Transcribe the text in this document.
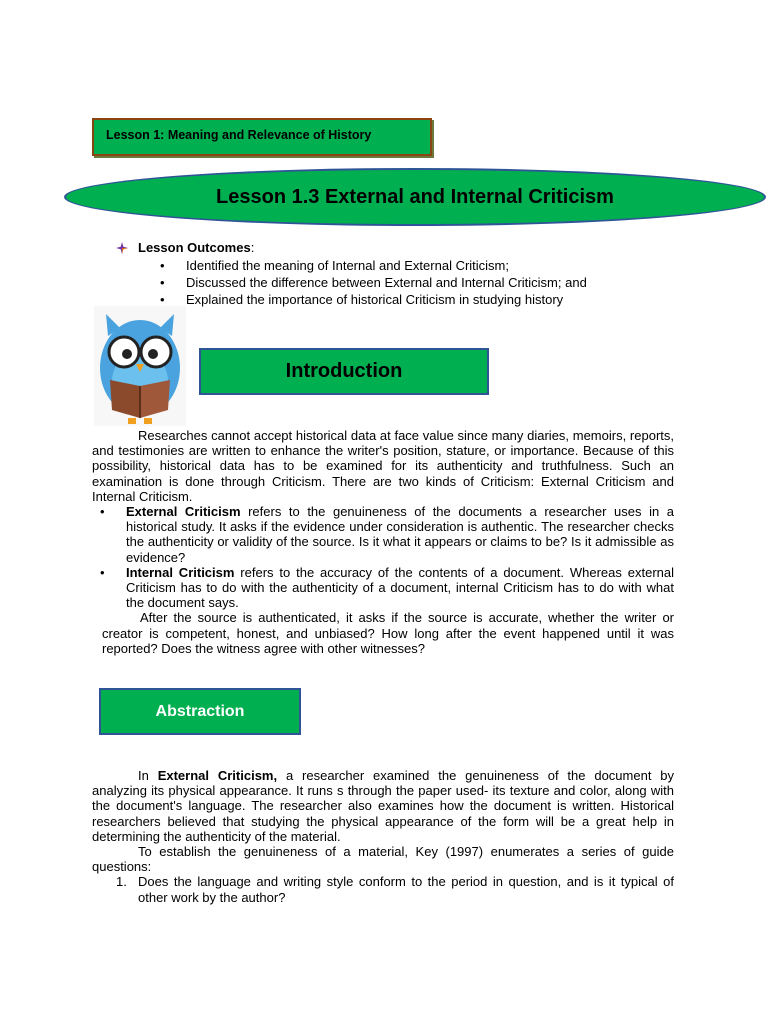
Lesson 1: Meaning and Relevance of History
Lesson 1.3 External and Internal Criticism
Lesson Outcomes:
• Identified the meaning of Internal and External Criticism;
• Discussed the difference between External and Internal Criticism; and
• Explained the importance of historical Criticism in studying history
Introduction
Researches cannot accept historical data at face value since many diaries, memoirs, reports, and testimonies are written to enhance the writer's position, stature, or importance. Because of this possibility, historical data has to be examined for its authenticity and truthfulness. Such an examination is done through Criticism. There are two kinds of Criticism: External Criticism and Internal Criticism.
• External Criticism refers to the genuineness of the documents a researcher uses in a historical study. It asks if the evidence under consideration is authentic. The researcher checks the authenticity or validity of the source. Is it what it appears or claims to be? Is it admissible as evidence?
• Internal Criticism refers to the accuracy of the contents of a document. Whereas external Criticism has to do with the authenticity of a document, internal Criticism has to do with what the document says.
After the source is authenticated, it asks if the source is accurate, whether the writer or creator is competent, honest, and unbiased? How long after the event happened until it was reported? Does the witness agree with other witnesses?
Abstraction
In External Criticism, a researcher examined the genuineness of the document by analyzing its physical appearance. It runs s through the paper used- its texture and color, along with the document's language. The researcher also examines how the document is written. Historical researchers believed that studying the physical appearance of the form will be a great help in determining the authenticity of the material.
To establish the genuineness of a material, Key (1997) enumerates a series of guide questions:
1. Does the language and writing style conform to the period in question, and is it typical of other work by the author?
